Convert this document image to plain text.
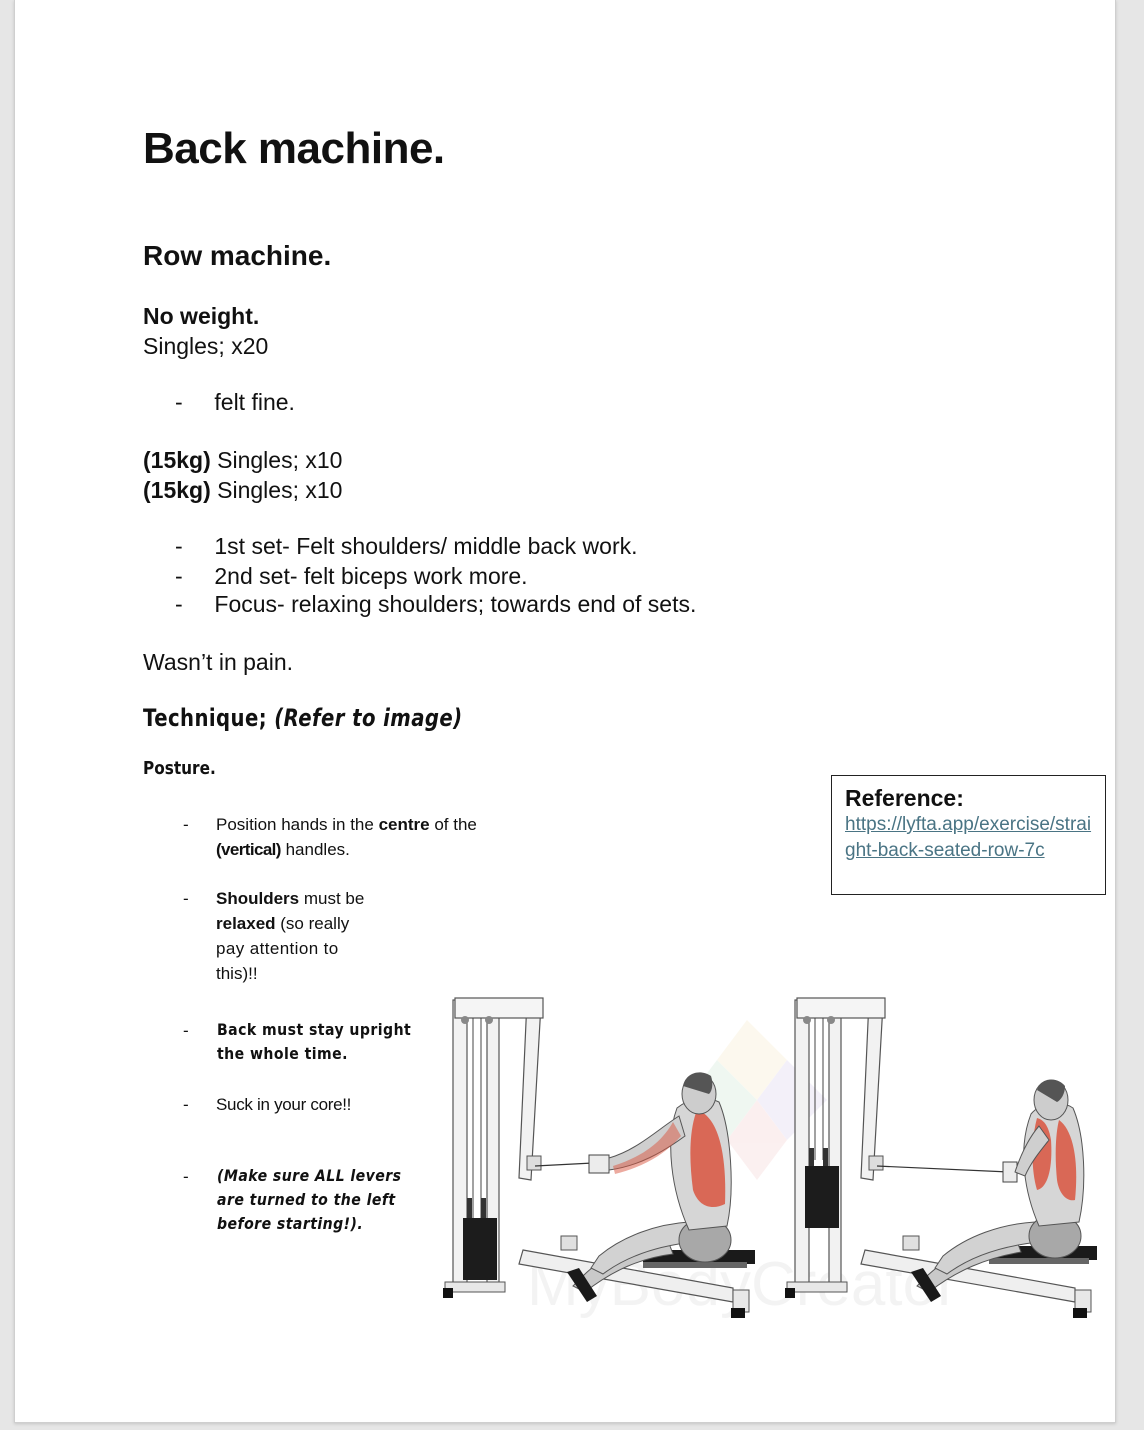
Back machine.
Row machine.
No weight.
Singles; x20
- felt fine.
(15kg) Singles; x10
(15kg) Singles; x10
- 1st set- Felt shoulders/ middle back work.
- 2nd set- felt biceps work more.
- Focus- relaxing shoulders; towards end of sets.
Wasn’t in pain.
Technique; (Refer to image)
Posture.
- Position hands in the centre of the
(vertical) handles.
- Shoulders must be
relaxed (so really
pay attention to
this)!!
- Back must stay upright
the whole time.
- Suck in your core!!
- (Make sure ALL levers
are turned to the left
before starting!).
Reference:
https://lyfta.app/exercise/straight-back-seated-row-7c
